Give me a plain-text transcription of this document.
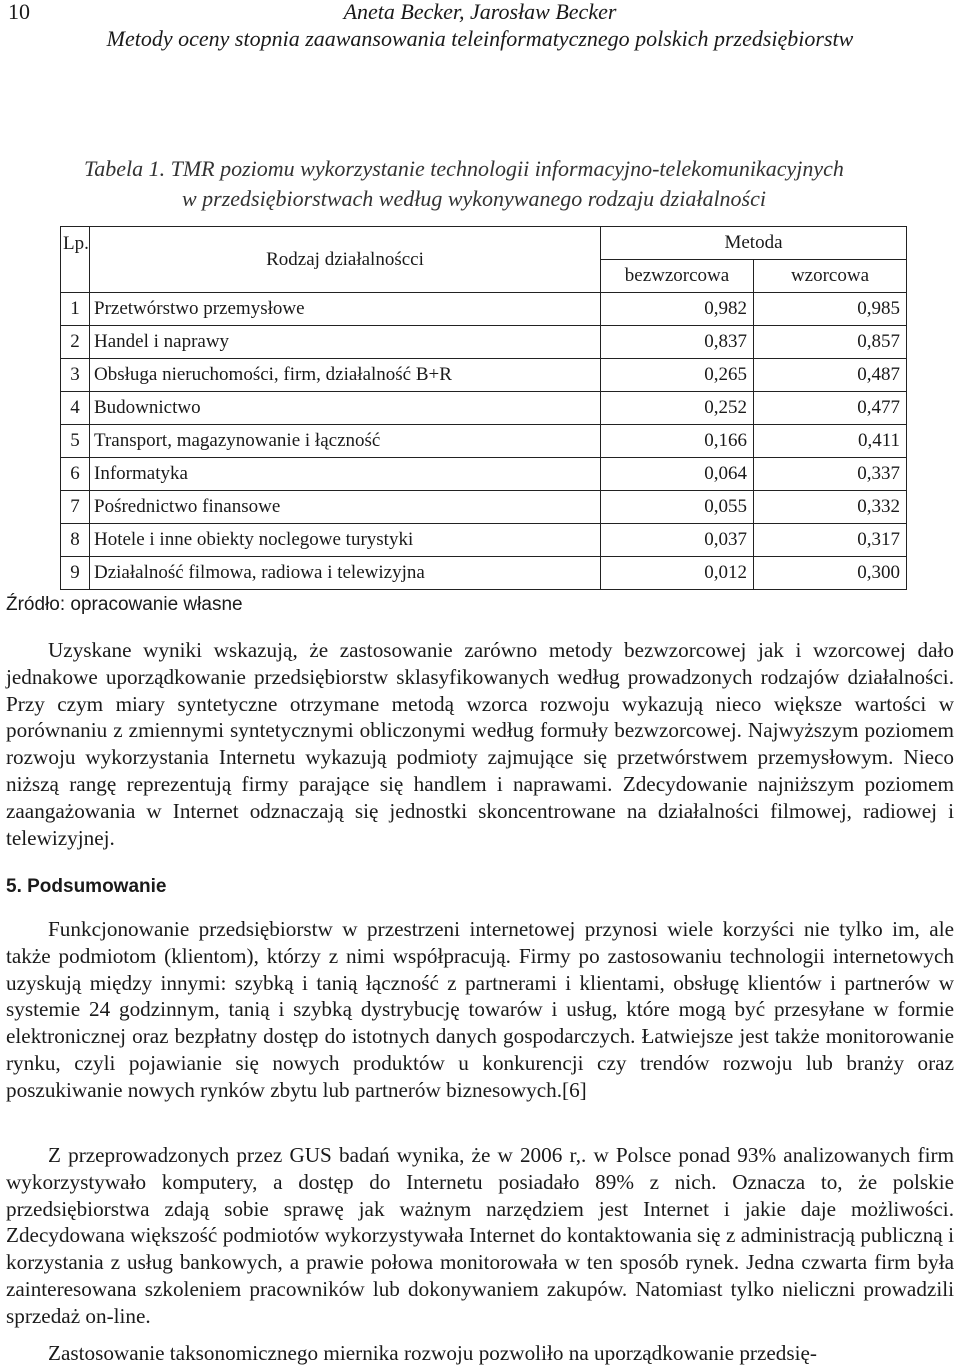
10	Aneta Becker, Jarosław Becker
Metody oceny stopnia zaawansowania teleinformatycznego polskich przedsiębiorstw
Tabela 1. TMR poziomu wykorzystanie technologii informacyjno-telekomunikacyjnych
w przedsiębiorstwach według wykonywanego rodzaju działalności
Lp.	Rodzaj działalnoścci	Metoda	
		bezwzorcowa	wzorcowa
1	Przetwórstwo przemysłowe	0,982	0,985
2	Handel i naprawy	0,837	0,857
3	Obsługa nieruchomości, firm, działalność B+R	0,265	0,487
4	Budownictwo	0,252	0,477
5	Transport, magazynowanie i łączność	0,166	0,411
6	Informatyka	0,064	0,337
7	Pośrednictwo finansowe	0,055	0,332
8	Hotele i inne obiekty noclegowe turystyki	0,037	0,317
9	Działalność filmowa, radiowa i telewizyjna	0,012	0,300
Źródło: opracowanie własne

Uzyskane wyniki wskazują, że zastosowanie zarówno metody bezwzorcowej jak i wzorcowej dało jednakowe uporządkowanie przedsiębiorstw sklasyfikowanych według prowadzonych rodzajów działalności. Przy czym miary syntetyczne otrzymane metodą wzorca rozwoju wykazują nieco większe wartości w porównaniu z zmiennymi syntetycznymi obliczonymi według formuły bezwzorcowej. Najwyższym poziomem rozwoju wykorzystania Internetu wykazują podmioty zajmujące się przetwórstwem przemysłowym. Nieco niższą rangę reprezentują firmy parające się handlem i naprawami. Zdecydowanie najniższym poziomem zaangażowania w Internet odznaczają się jednostki skoncentrowane na działalności filmowej, radiowej i telewizyjnej.

5. Podsumowanie

Funkcjonowanie przedsiębiorstw w przestrzeni internetowej przynosi wiele korzyści nie tylko im, ale także podmiotom (klientom), którzy z nimi współpracują. Firmy po zastosowaniu technologii internetowych uzyskują między innymi: szybką i tanią łączność z partnerami i klientami, obsługę klientów i partnerów w systemie 24 godzinnym, tanią i szybką dystrybucję towarów i usług, które mogą być przesyłane w formie elektronicznej oraz bezpłatny dostęp do istotnych danych gospodarczych. Łatwiejsze jest także monitorowanie rynku, czyli pojawianie się nowych produktów u konkurencji czy trendów rozwoju lub branży oraz poszukiwanie nowych rynków zbytu lub partnerów biznesowych.[6]

Z przeprowadzonych przez GUS badań wynika, że w 2006 r,. w Polsce ponad 93% analizowanych firm wykorzystywało komputery, a dostęp do Internetu posiadało 89% z nich. Oznacza to, że polskie przedsiębiorstwa zdają sobie sprawę jak ważnym narzędziem jest Internet i jakie daje możliwości. Zdecydowana większość podmiotów wykorzystywała Internet do kontaktowania się z administracją publiczną i korzystania z usług bankowych, a prawie połowa monitorowała w ten sposób rynek. Jedna czwarta firm była zainteresowana szkoleniem pracowników lub dokonywaniem zakupów. Natomiast tylko nieliczni prowadzili sprzedaż on-line.

Zastosowanie taksonomicznego miernika rozwoju pozwoliło na uporządkowanie przedsię-
